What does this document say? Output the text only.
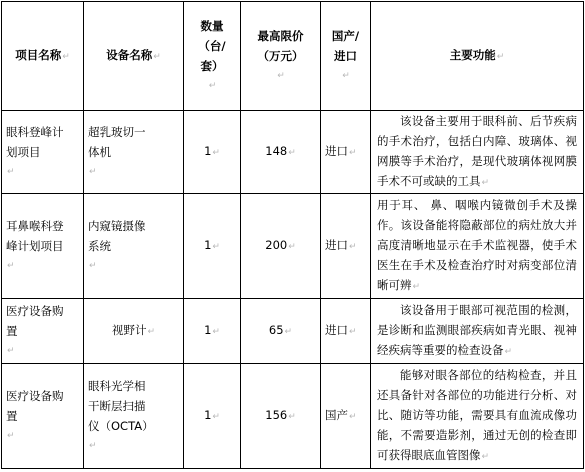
项目名称↵	设备名称↵	数量
（台/
套）
↵	最高限价
（万元）
↵	国产/
进口
↵	主要功能↵

眼科登峰计
划项目
↵	超乳玻切一
体机
↵	1↵	148↵	进口↵	该设备主要用于眼科前、后节疾病的手术治疗，包括白内障、玻璃体、视网膜等手术治疗，是现代玻璃体视网膜手术不可或缺的工具↵

耳鼻喉科登
峰计划项目
↵	内窥镜摄像
系统
↵	1↵	200↵	进口↵	用于耳、 鼻、咽喉内镜微创手术及操作。该设备能将隐蔽部位的病灶放大并高度清晰地显示在手术监视器，使手术医生在手术及检查治疗时对病变部位清晰可辨↵

医疗设备购
置
↵	视野计↵	1↵	65↵	进口↵	该设备用于眼部可视范围的检测，是诊断和监测眼部疾病如青光眼、视神经疾病等重要的检查设备↵

医疗设备购
置
↵	眼科光学相
干断层扫描
仪（OCTA）
↵	1↵	156↵	国产↵	能够对眼各部位的结构检查，并且还具备针对各部位的功能进行分析、对比、随访等功能，需要具有血流成像功能，不需要造影剂，通过无创的检查即可获得眼底血管图像↵
